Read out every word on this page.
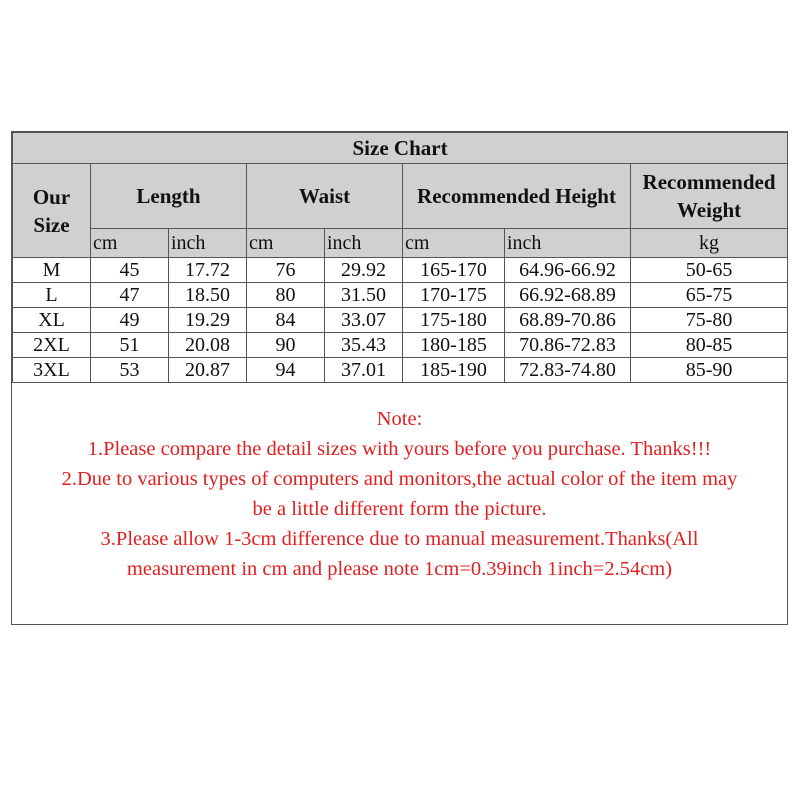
Size Chart							
Our
Size	Length		Waist		Recommended Height		Recommended
Weight
	cm	inch	cm	inch	cm	inch	kg
M	45	17.72	76	29.92	165-170	64.96-66.92	50-65
L	47	18.50	80	31.50	170-175	66.92-68.89	65-75
XL	49	19.29	84	33.07	175-180	68.89-70.86	75-80
2XL	51	20.08	90	35.43	180-185	70.86-72.83	80-85
3XL	53	20.87	94	37.01	185-190	72.83-74.80	85-90
Note:
1.Please compare the detail sizes with yours before you purchase. Thanks!!!
2.Due to various types of computers and monitors,the actual color of the item may
be a little different form the picture.
3.Please allow 1-3cm difference due to manual measurement.Thanks(All
measurement in cm and please note 1cm=0.39inch 1inch=2.54cm)
